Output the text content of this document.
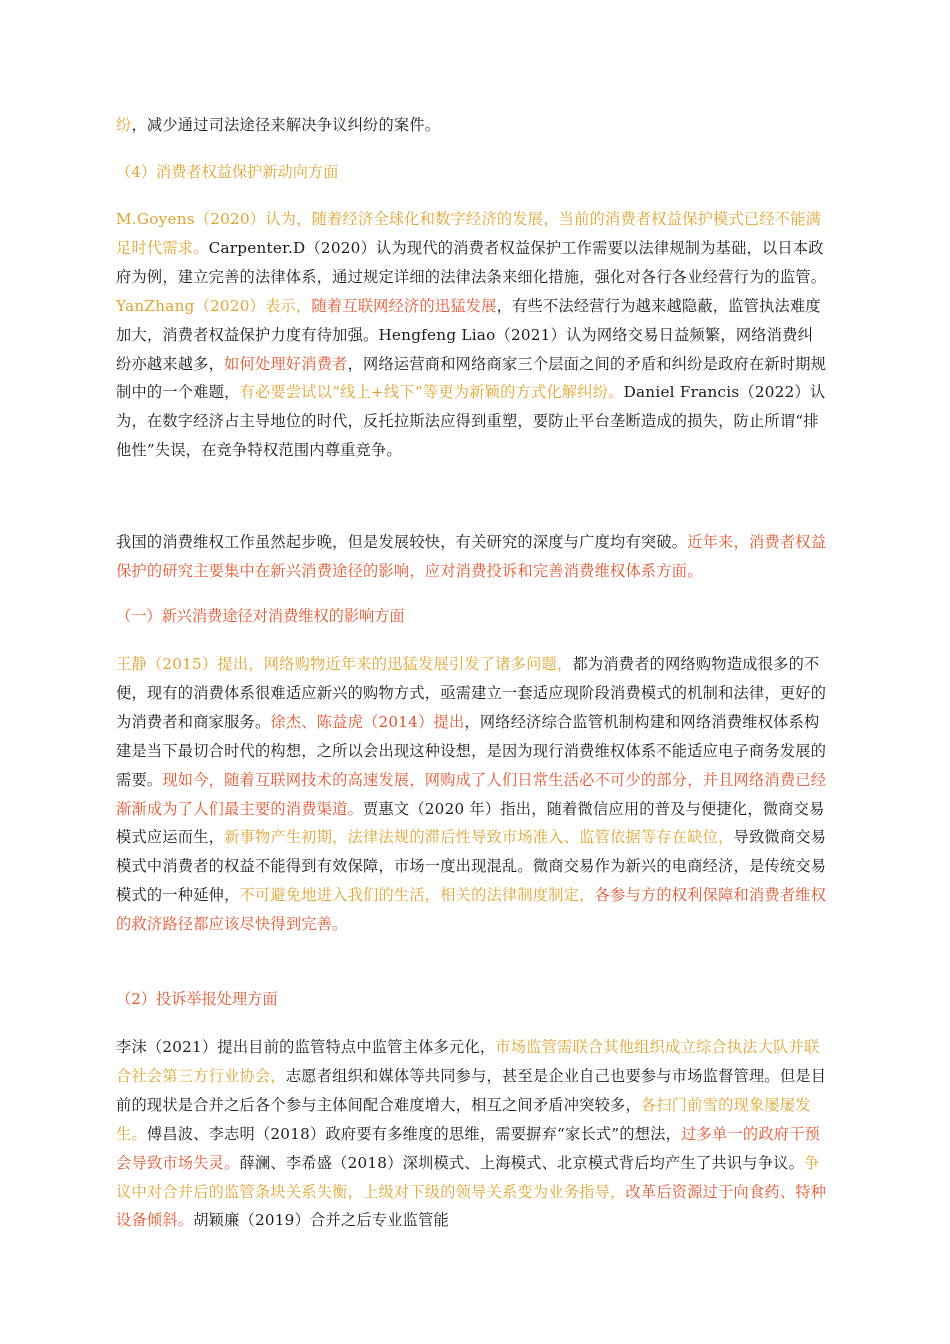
纷，减少通过司法途径来解决争议纠纷的案件。

（4）消费者权益保护新动向方面

M.Goyens（2020）认为，随着经济全球化和数字经济的发展，当前的消费者权益保护模式已经不能满足时代需求。Carpenter.D（2020）认为现代的消费者权益保护工作需要以法律规制为基础，以日本政府为例，建立完善的法律体系，通过规定详细的法律法条来细化措施，强化对各行各业经营行为的监管。YanZhang（2020）表示，随着互联网经济的迅猛发展，有些不法经营行为越来越隐蔽，监管执法难度加大，消费者权益保护力度有待加强。Hengfeng Liao（2021）认为网络交易日益频繁，网络消费纠纷亦越来越多，如何处理好消费者，网络运营商和网络商家三个层面之间的矛盾和纠纷是政府在新时期规制中的一个难题，有必要尝试以“线上+线下”等更为新颖的方式化解纠纷。Daniel Francis（2022）认为，在数字经济占主导地位的时代，反托拉斯法应得到重塑，要防止平台垄断造成的损失，防止所谓“排他性”失误，在竞争特权范围内尊重竞争。

我国的消费维权工作虽然起步晚，但是发展较快，有关研究的深度与广度均有突破。近年来，消费者权益保护的研究主要集中在新兴消费途径的影响，应对消费投诉和完善消费维权体系方面。

（一）新兴消费途径对消费维权的影响方面

王静（2015）提出，网络购物近年来的迅猛发展引发了诸多问题，都为消费者的网络购物造成很多的不便，现有的消费体系很难适应新兴的购物方式，亟需建立一套适应现阶段消费模式的机制和法律，更好的为消费者和商家服务。徐杰、陈益虎（2014）提出，网络经济综合监管机制构建和网络消费维权体系构建是当下最切合时代的构想，之所以会出现这种设想，是因为现行消费维权体系不能适应电子商务发展的需要。现如今，随着互联网技术的高速发展，网购成了人们日常生活必不可少的部分，并且网络消费已经渐渐成为了人们最主要的消费渠道。贾惠文（2020 年）指出，随着微信应用的普及与便捷化，微商交易模式应运而生，新事物产生初期，法律法规的滞后性导致市场准入、监管依据等存在缺位，导致微商交易模式中消费者的权益不能得到有效保障，市场一度出现混乱。微商交易作为新兴的电商经济，是传统交易模式的一种延伸，不可避免地进入我们的生活，相关的法律制度制定，各参与方的权利保障和消费者维权的救济路径都应该尽快得到完善。

（2）投诉举报处理方面

李沫（2021）提出目前的监管特点中监管主体多元化，市场监管需联合其他组织成立综合执法大队并联合社会第三方行业协会，志愿者组织和媒体等共同参与，甚至是企业自己也要参与市场监督管理。但是目前的现状是合并之后各个参与主体间配合难度增大，相互之间矛盾冲突较多，各扫门前雪的现象屡屡发生。傅昌波、李志明（2018）政府要有多维度的思维，需要摒弃“家长式”的想法，过多单一的政府干预会导致市场失灵。薛澜、李希盛（2018）深圳模式、上海模式、北京模式背后均产生了共识与争议。争议中对合并后的监管条块关系失衡，上级对下级的领导关系变为业务指导，改革后资源过于向食药、特种设备倾斜。胡颖廉（2019）合并之后专业监管能
